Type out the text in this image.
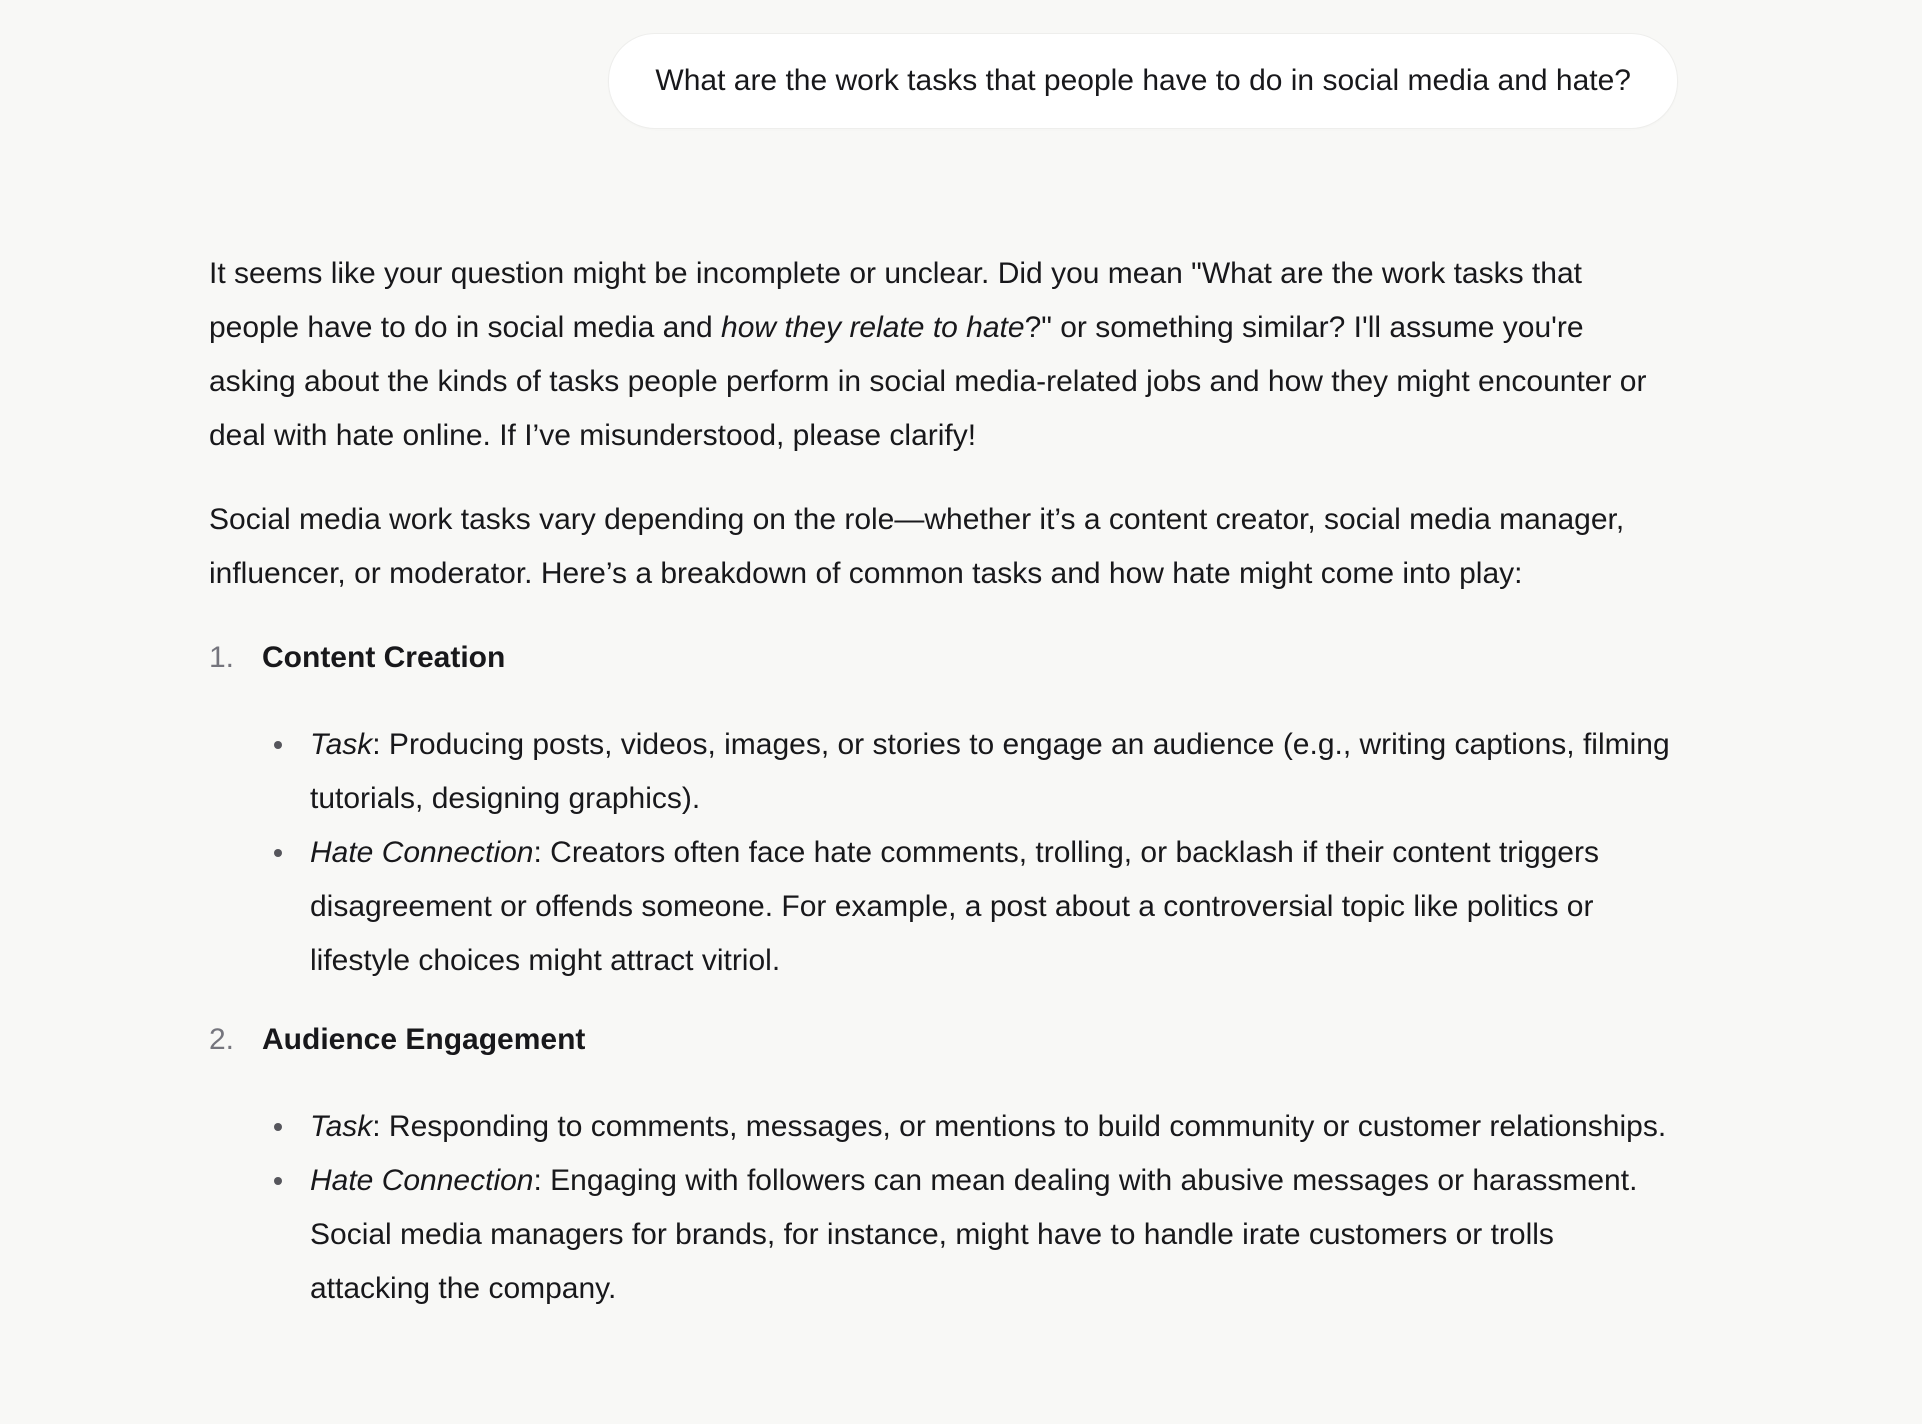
What are the work tasks that people have to do in social media and hate?

It seems like your question might be incomplete or unclear. Did you mean "What are the work tasks that people have to do in social media and how they relate to hate?" or something similar? I'll assume you're asking about the kinds of tasks people perform in social media-related jobs and how they might encounter or deal with hate online. If I’ve misunderstood, please clarify!

Social media work tasks vary depending on the role—whether it’s a content creator, social media manager, influencer, or moderator. Here’s a breakdown of common tasks and how hate might come into play:

1. Content Creation
Task: Producing posts, videos, images, or stories to engage an audience (e.g., writing captions, filming tutorials, designing graphics).
Hate Connection: Creators often face hate comments, trolling, or backlash if their content triggers disagreement or offends someone. For example, a post about a controversial topic like politics or lifestyle choices might attract vitriol.
2. Audience Engagement
Task: Responding to comments, messages, or mentions to build community or customer relationships.
Hate Connection: Engaging with followers can mean dealing with abusive messages or harassment. Social media managers for brands, for instance, might have to handle irate customers or trolls attacking the company.
